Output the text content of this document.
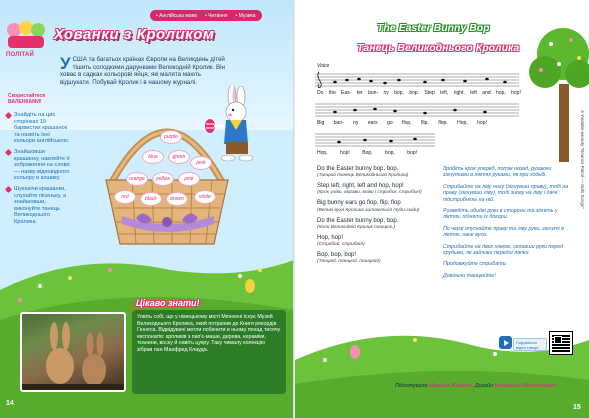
ПОЛІТАЙ
• Англійська мова • Читання • Музика
Хованки з Кроликом
У США та багатьох країнах Європи на Великдень дітей тішить солодкими дарунками Великодній Кролик. Він ховає в садках кольорові яйця, які малята мають відшукати. Побувай Кролик і в нашому журналі.
Скористайтеся ВАЛЕНКАМИ!
Знайдіть на цих сторінках 10 барвистих крашанок та назвіть їхні кольори англійською.
Знайшовши крашанку, наклейте її зображення на слово — назву відповідного кольору в кошику.
Шукаючи крашанки, слухайте пісеньку, а знайшовши, виконуйте танець Великоднього Кролика.
purple
blue	green
pink
orange	yellow	pink
red	black	brown	white
Цікаво знати!
Уявіть собі, що у німецькому місті Мюнхені існує Музей Великоднього Кролика, який потрапив до Книги рекордів Гіннеса. Відвідувачі могли побачити в ньому понад тисячу експонатів: кроликів з пап'є-маше, дерева, кераміки, тканини, воску й навіть цукру. Таку чималу колекцію зібрав пан Манфред Клауда.
14
The Easter Bunny Bop
Танець Великоднього Кролика
Voice
Do the Eas- ter bun- ny bop, bop. Step left, right, left and hop, hop!
Big bun- ny ears go flop, flip, flop. Hop, hop!
Hop, hop! Bop, bop, bop!	З Youtube-каналу "Bounce Patrol — Kids Songs"
Do the Easter bunny bop, bop.
(Танцюй танець Великоднього Кролика)
Step left, right, left and hop, hop!
(Крок уліво, вправо, вліво і стрибок, стрибок!)
Big bunny ears go flop, flip, flop
(Великі вуха Кролика хитаються туди-сюди)
Do the Easter bunny bop, bop.
(Коли Великодній Кролик танцює.)
Hop, hop!
(Стрибай, стрибай!)
Bop, bop, bop!
(Танцюй, танцюй, танцюй!)
Зробіть крок уперед, потім назад, рухаючи зігнутими в ліктях руками, як при ходьбі.
Стрибайте на ліву ногу (зігнувши праву), тоді на праву (зігнувши ліву), тоді знову на ліву і двічі підстрибніть на ній.
Розведіть обидві руки в сторони та зігніть у ліктях, підняти їх догори.
По черзі опускайте праву та ліву руки, зігнуті в ліктях, наче вуха.
Стрибайте на двох ніжках, склавши руки перед грудьми, як зайчики передні лапки.
Продовжуйте стрибати.
Довільно танцюйте!
Подивіться відео танцю
Підготувала Марина Жайвич. Дизайн Катерини Вдовиченко
15
